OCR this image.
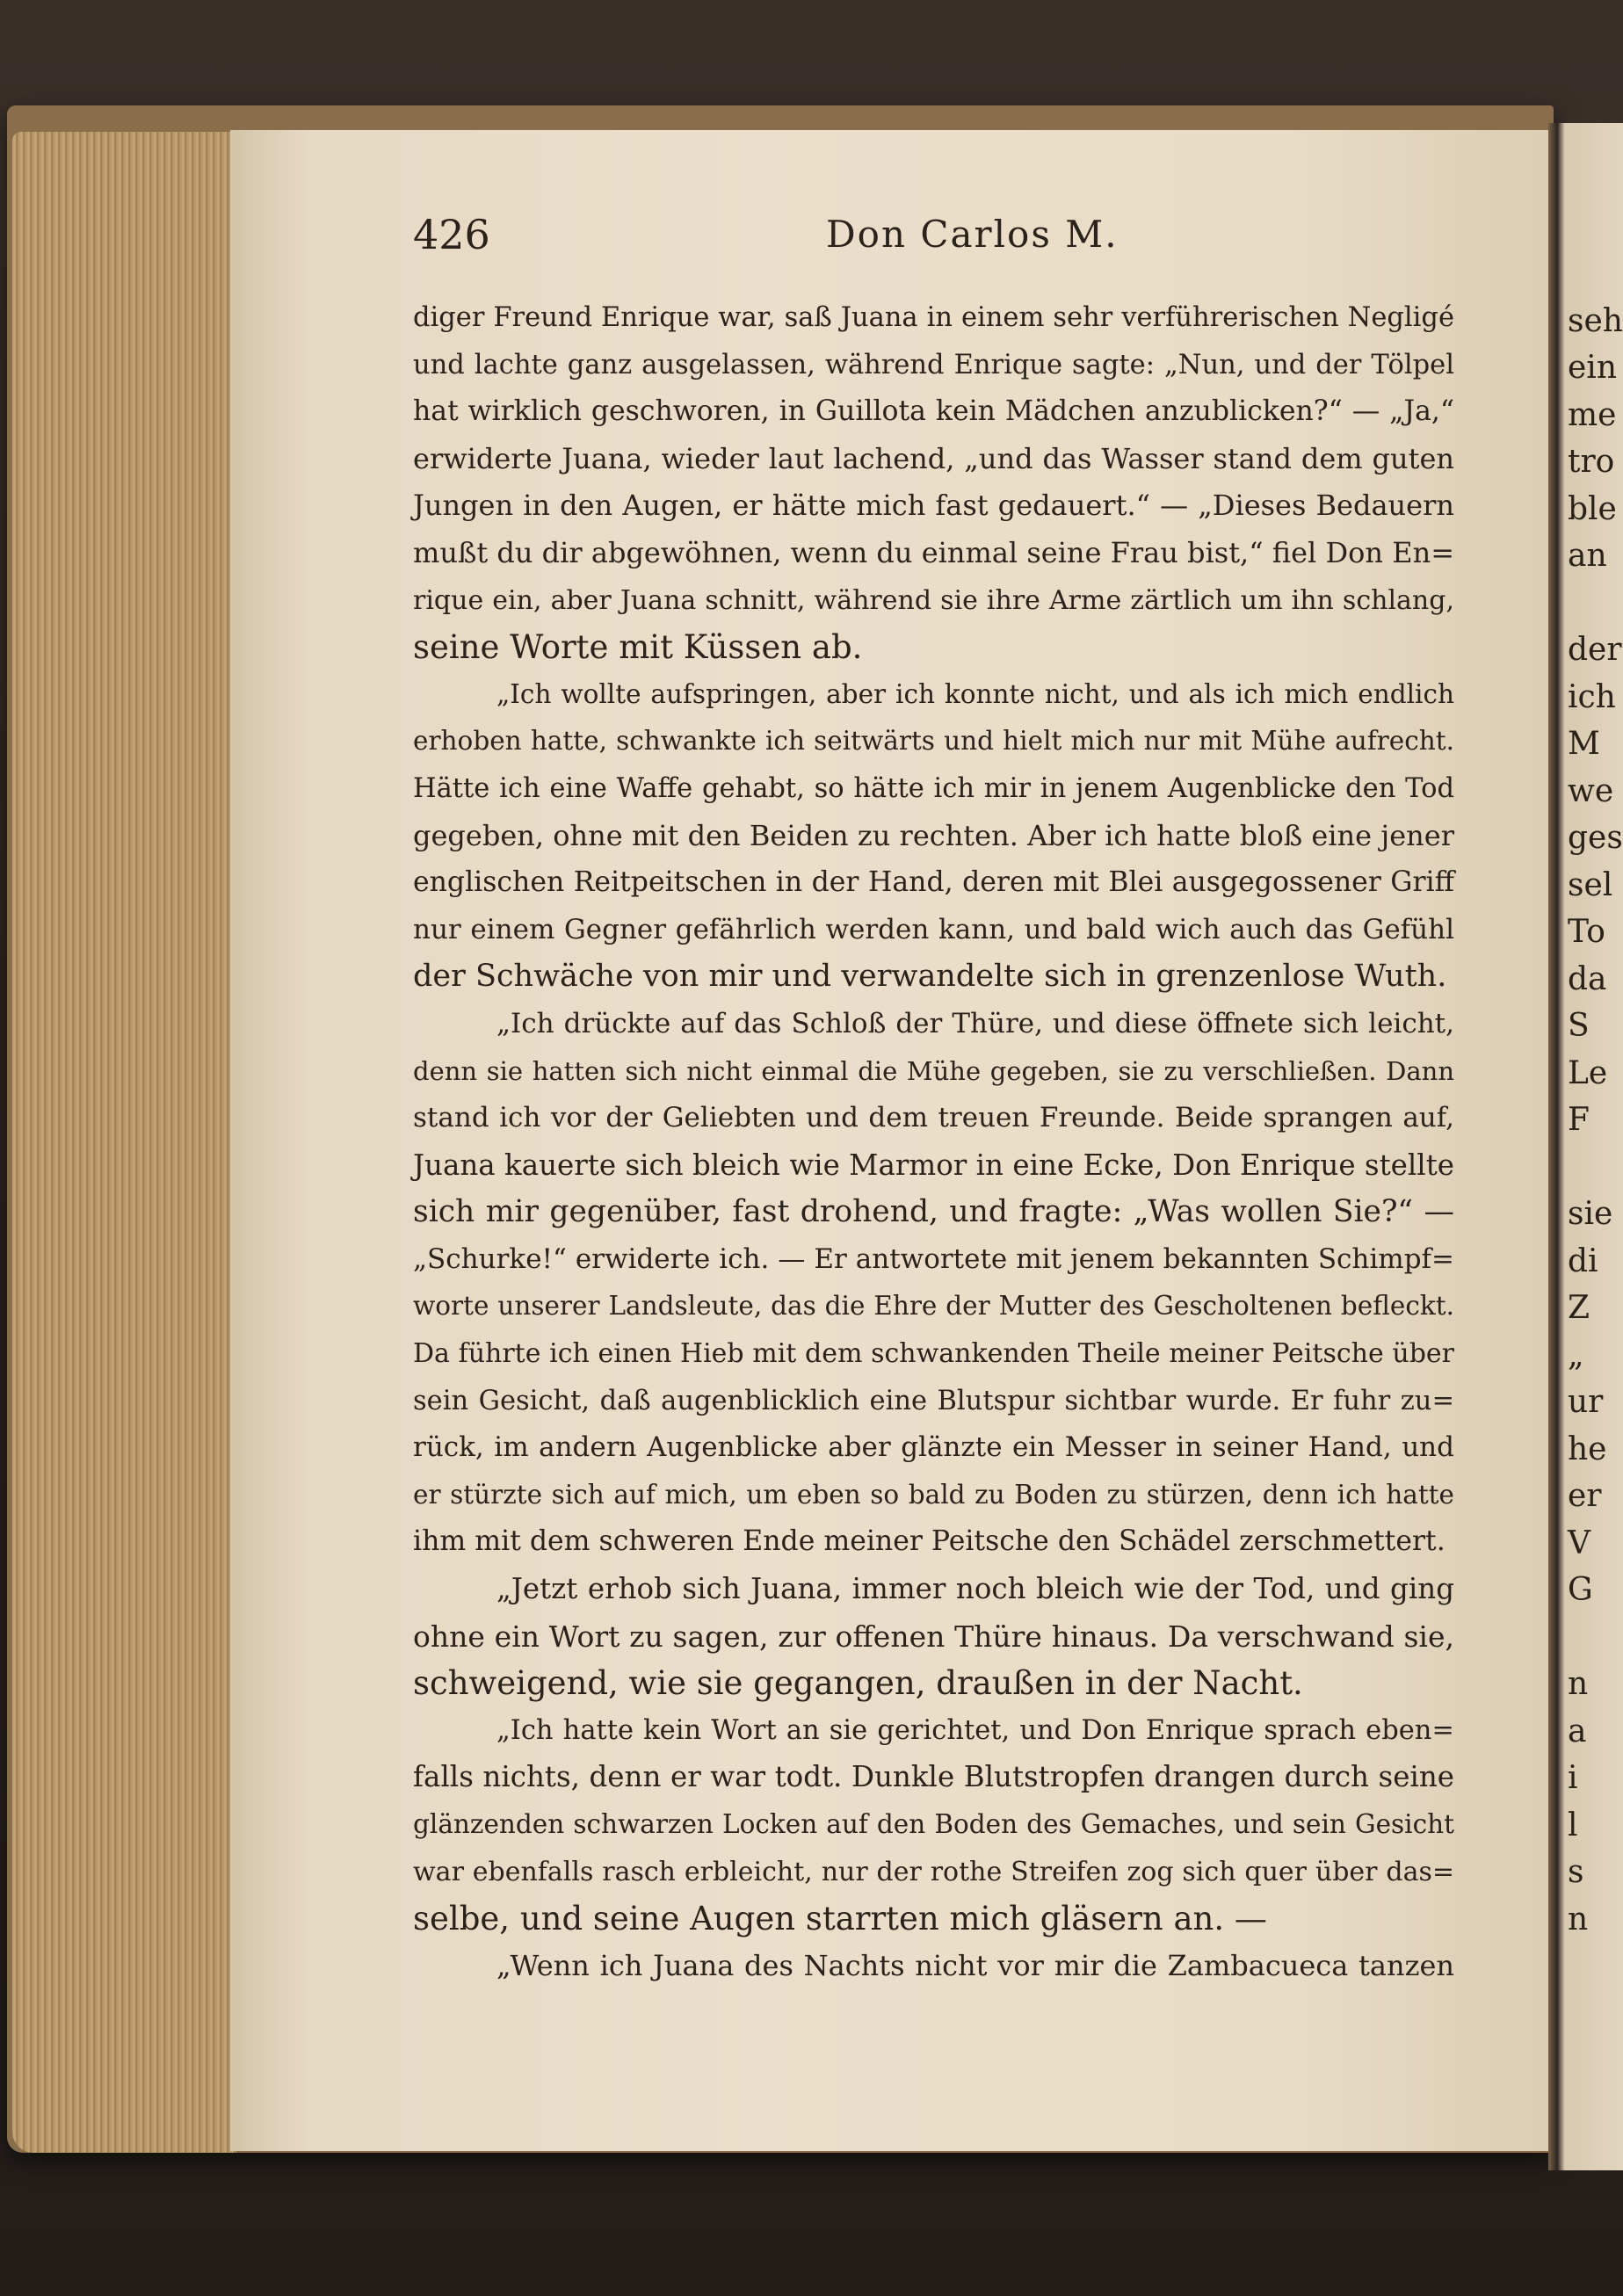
seh
ein
me
tro
ble
an
der
ich
M
we
ges
sel
To
da
S
Le
F
sie
di
Z
„
ur
he
er
V
G
n
a
i
l
s
n
426	Don Carlos M.
diger Freund Enrique war, saß Juana in einem sehr verführerischen Negligé
und lachte ganz ausgelassen, während Enrique sagte: „Nun, und der Tölpel
hat wirklich geschworen, in Guillota kein Mädchen anzublicken?“ — „Ja,“
erwiderte Juana, wieder laut lachend, „und das Wasser stand dem guten
Jungen in den Augen, er hätte mich fast gedauert.“ — „Dieses Bedauern
mußt du dir abgewöhnen, wenn du einmal seine Frau bist,“ fiel Don En=
rique ein, aber Juana schnitt, während sie ihre Arme zärtlich um ihn schlang,
seine Worte mit Küssen ab.
„Ich wollte aufspringen, aber ich konnte nicht, und als ich mich endlich
erhoben hatte, schwankte ich seitwärts und hielt mich nur mit Mühe aufrecht.
Hätte ich eine Waffe gehabt, so hätte ich mir in jenem Augenblicke den Tod
gegeben, ohne mit den Beiden zu rechten. Aber ich hatte bloß eine jener
englischen Reitpeitschen in der Hand, deren mit Blei ausgegossener Griff
nur einem Gegner gefährlich werden kann, und bald wich auch das Gefühl
der Schwäche von mir und verwandelte sich in grenzenlose Wuth.
„Ich drückte auf das Schloß der Thüre, und diese öffnete sich leicht,
denn sie hatten sich nicht einmal die Mühe gegeben, sie zu verschließen. Dann
stand ich vor der Geliebten und dem treuen Freunde. Beide sprangen auf,
Juana kauerte sich bleich wie Marmor in eine Ecke, Don Enrique stellte
sich mir gegenüber, fast drohend, und fragte: „Was wollen Sie?“ —
„Schurke!“ erwiderte ich. — Er antwortete mit jenem bekannten Schimpf=
worte unserer Landsleute, das die Ehre der Mutter des Gescholtenen befleckt.
Da führte ich einen Hieb mit dem schwankenden Theile meiner Peitsche über
sein Gesicht, daß augenblicklich eine Blutspur sichtbar wurde. Er fuhr zu=
rück, im andern Augenblicke aber glänzte ein Messer in seiner Hand, und
er stürzte sich auf mich, um eben so bald zu Boden zu stürzen, denn ich hatte
ihm mit dem schweren Ende meiner Peitsche den Schädel zerschmettert.
„Jetzt erhob sich Juana, immer noch bleich wie der Tod, und ging
ohne ein Wort zu sagen, zur offenen Thüre hinaus. Da verschwand sie,
schweigend, wie sie gegangen, draußen in der Nacht.
„Ich hatte kein Wort an sie gerichtet, und Don Enrique sprach eben=
falls nichts, denn er war todt. Dunkle Blutstropfen drangen durch seine
glänzenden schwarzen Locken auf den Boden des Gemaches, und sein Gesicht
war ebenfalls rasch erbleicht, nur der rothe Streifen zog sich quer über das=
selbe, und seine Augen starrten mich gläsern an. —
„Wenn ich Juana des Nachts nicht vor mir die Zambacueca tanzen
